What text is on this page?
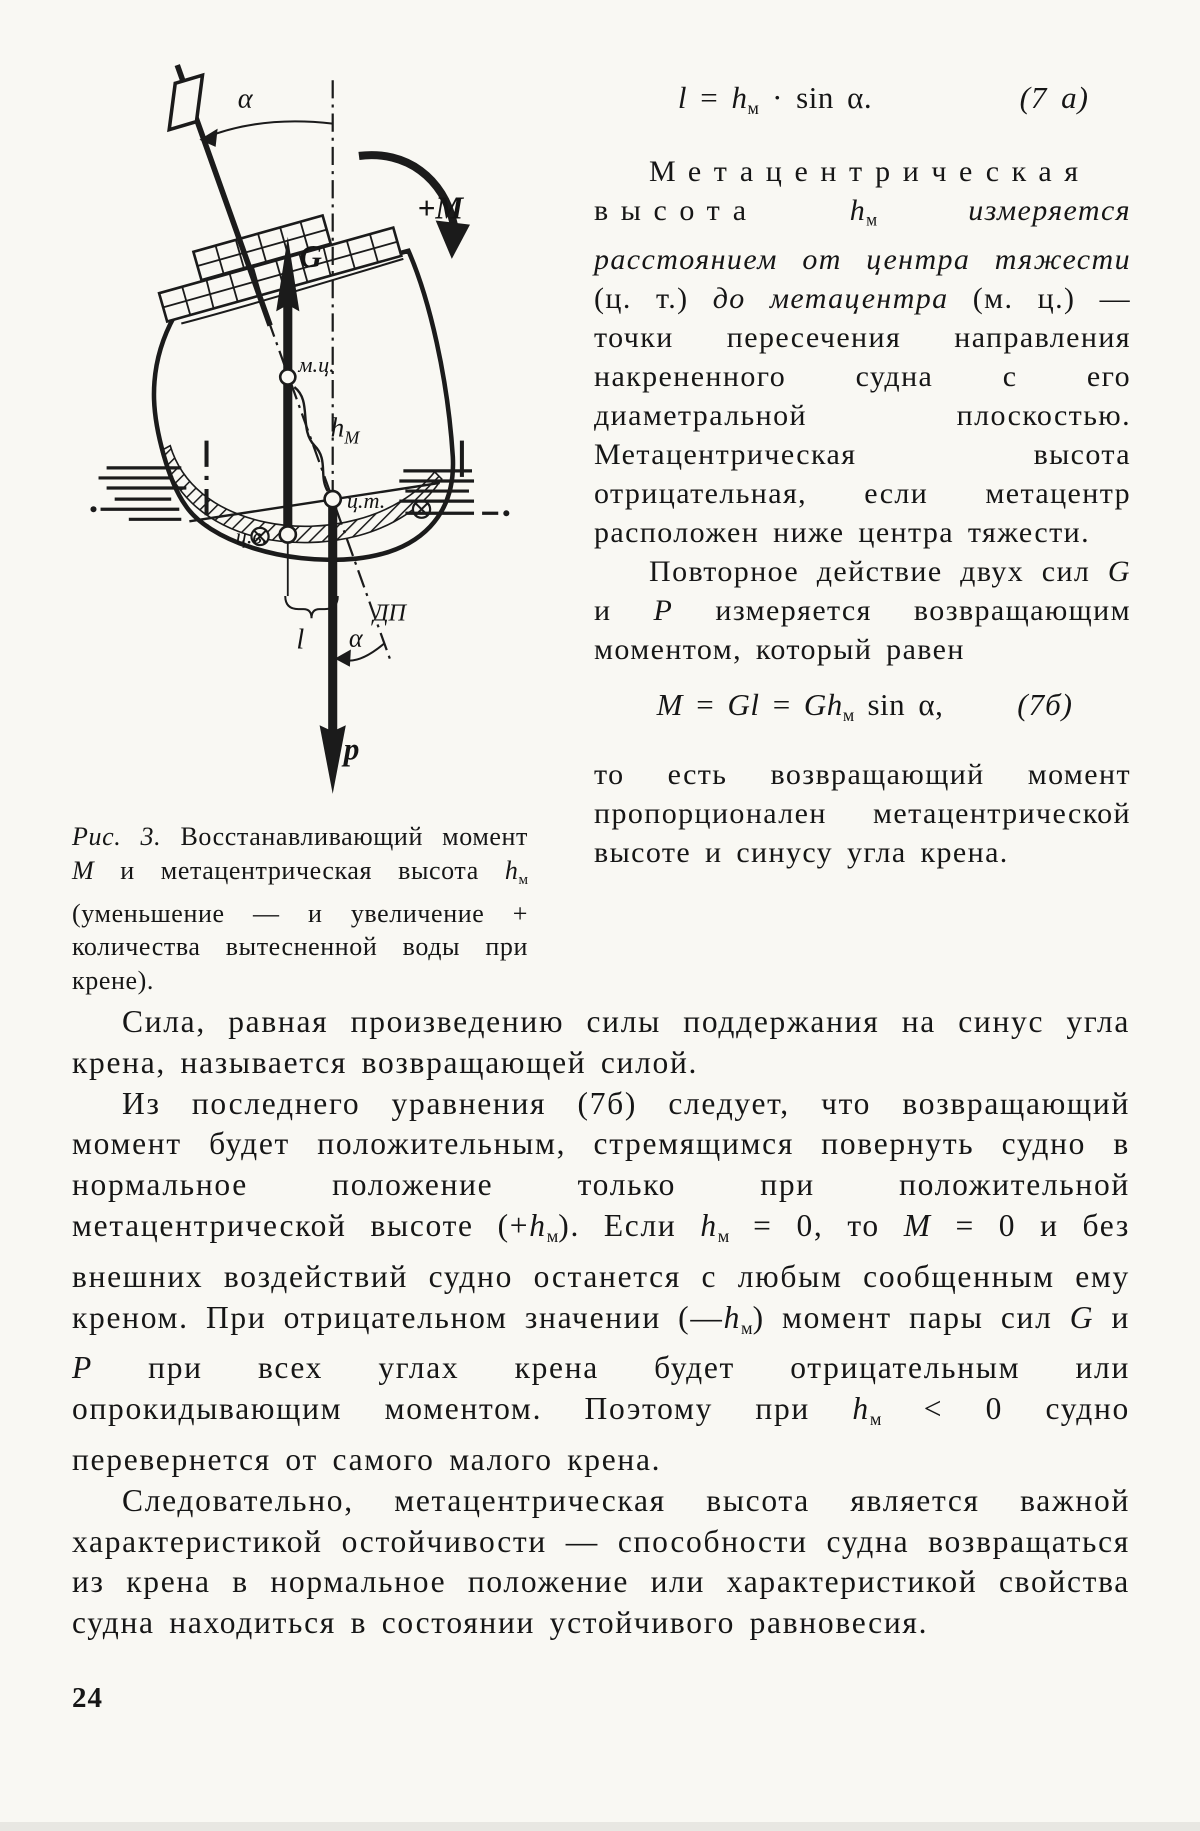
α
+M
G
м.ц.
$h_М$
ц.т.
ц.в.
ДП
l α
p
l = hм · sin α.	(7 а)

Метацентрическая высота	hм	измеряется расстоянием от центра тяжести (ц. т.) до метацентра (м. ц.) — точки пересечения направления накрененного судна с его диаметральной плоскостью. Метацентрическая высота отрицательная, если метацентр расположен ниже центра тяжести.

Повторное действие двух сил G и P измеряется возвращающим моментом, который равен

M = Gl = Ghм sin α, (7б)

то есть возвращающий момент пропорционален метацентрической высоте и синусу угла крена.

Рис. 3. Восстанавливающий момент М и метацентрическая высота hм (уменьшение — и увеличение + количества вытесненной воды при крене).

Сила, равная произведению силы поддержания на синус угла крена, называется возвращающей силой.

Из последнего уравнения (7б) следует, что возвращающий момент будет положительным, стремящимся повернуть судно в нормальное положение только при положительной метацентрической высоте (+hм). Если hм = 0, то M = 0 и без внешних воздействий судно останется с любым сообщенным ему креном. При отрицательном значении (—hм) момент пары сил G и P при всех углах крена будет отрицательным или опрокидывающим моментом. Поэтому при hм < 0 судно перевернется от самого малого крена.

Следовательно, метацентрическая высота является важной характеристикой остойчивости — способности судна возвращаться из крена в нормальное положение или характеристикой свойства судна находиться в состоянии устойчивого равновесия.

24
